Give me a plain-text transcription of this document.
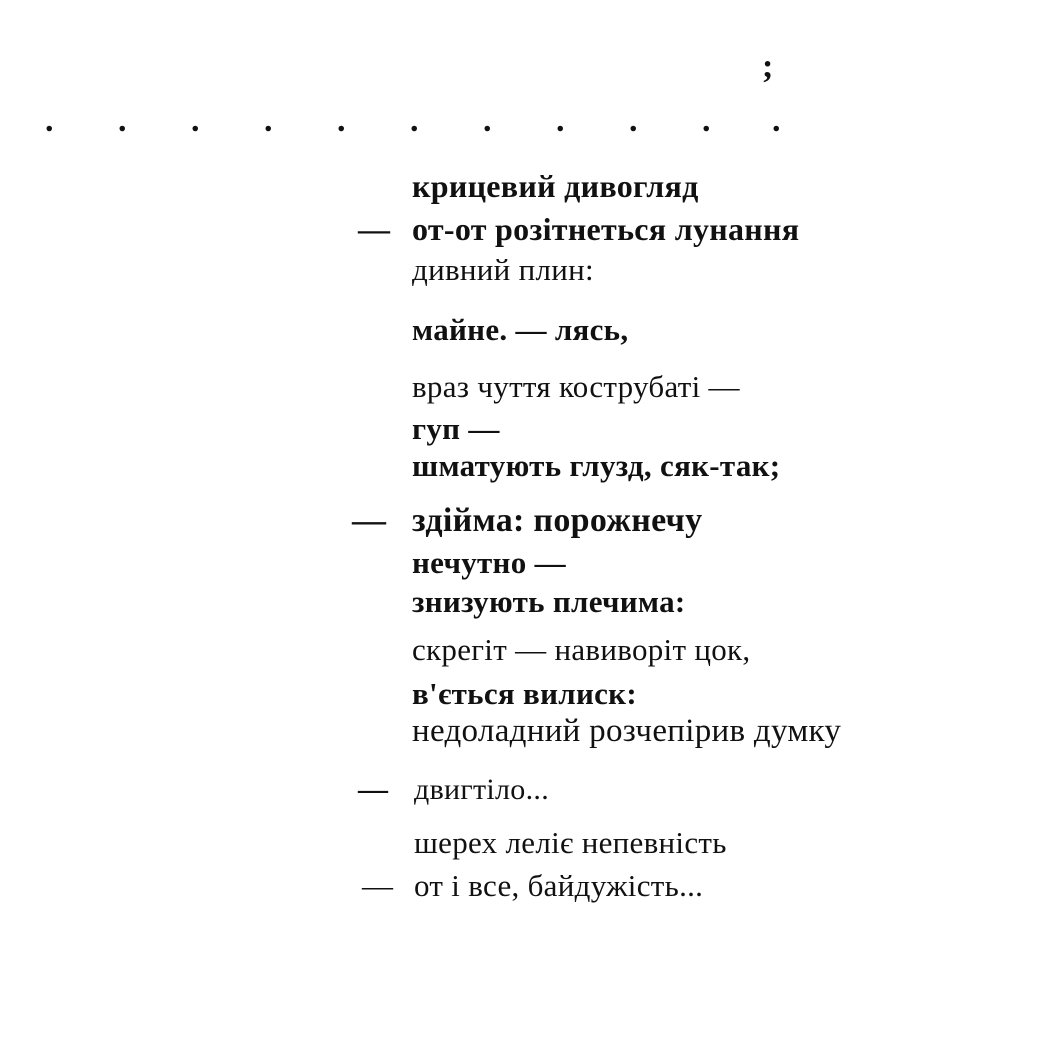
;
. . . . . . . . . . .
крицевий дивогляд
— от-от розітнеться лунання
дивний плин:
майне. — лясь,
враз чуття кострубаті —
гуп —
шматують глузд, сяк-так;
— здійма: порожнечу
нечутно —
знизують плечима:
скрегіт — навиворіт цок,
в'ється вилиск:
недоладний розчепірив думку
— двигтіло...
шерех леліє непевність
— от і все, байдужість...
